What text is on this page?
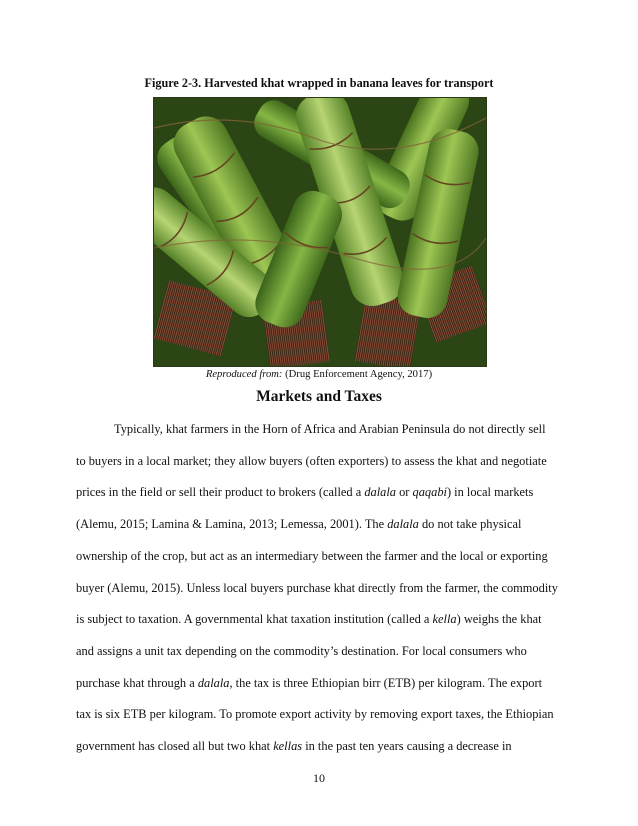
Figure 2-3. Harvested khat wrapped in banana leaves for transport
Reproduced from: (Drug Enforcement Agency, 2017)
Markets and Taxes
Typically, khat farmers in the Horn of Africa and Arabian Peninsula do not directly sell
to buyers in a local market; they allow buyers (often exporters) to assess the khat and negotiate
prices in the field or sell their product to brokers (called a dalala or qaqabi) in local markets
(Alemu, 2015; Lamina & Lamina, 2013; Lemessa, 2001). The dalala do not take physical
ownership of the crop, but act as an intermediary between the farmer and the local or exporting
buyer (Alemu, 2015). Unless local buyers purchase khat directly from the farmer, the commodity
is subject to taxation. A governmental khat taxation institution (called a kella) weighs the khat
and assigns a unit tax depending on the commodity’s destination. For local consumers who
purchase khat through a dalala, the tax is three Ethiopian birr (ETB) per kilogram. The export
tax is six ETB per kilogram. To promote export activity by removing export taxes, the Ethiopian
government has closed all but two khat kellas in the past ten years causing a decrease in
10
